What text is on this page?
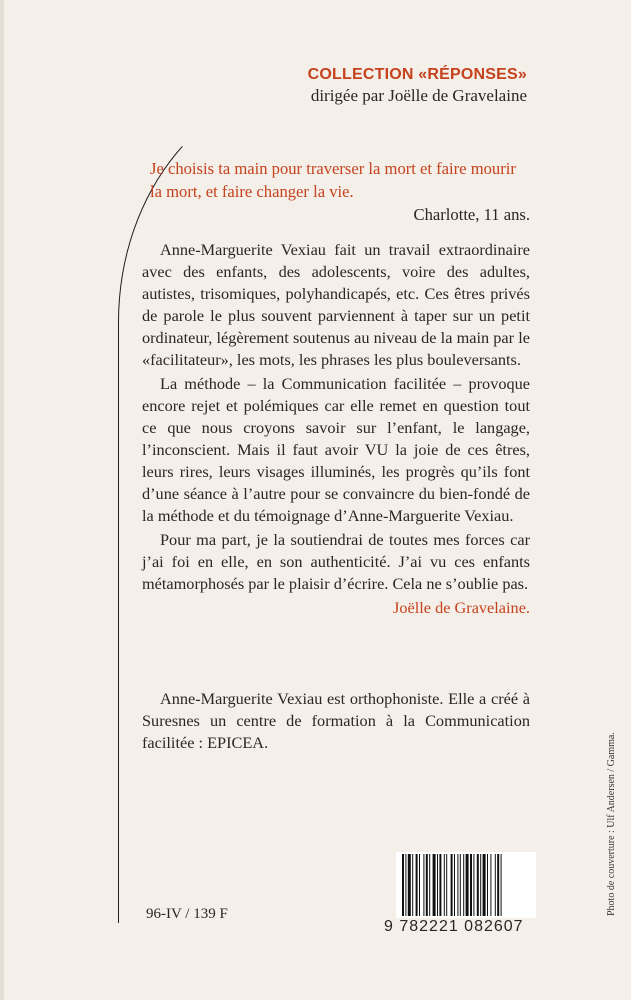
COLLECTION «RÉPONSES»
dirigée par Joëlle de Gravelaine
Je choisis ta main pour traverser la mort et faire mourir la mort, et faire changer la vie.
Charlotte, 11 ans.

Anne-Marguerite Vexiau fait un travail extraordinaire avec des enfants, des adolescents, voire des adultes, autistes, trisomiques, polyhandicapés, etc. Ces êtres privés de parole le plus souvent parviennent à taper sur un petit ordinateur, légèrement soutenus au niveau de la main par le «facilitateur», les mots, les phrases les plus bouleversants.

La méthode – la Communication facilitée – provoque encore rejet et polémiques car elle remet en question tout ce que nous croyons savoir sur l’enfant, le langage, l’inconscient. Mais il faut avoir VU la joie de ces êtres, leurs rires, leurs visages illuminés, les progrès qu’ils font d’une séance à l’autre pour se convaincre du bien-fondé de la méthode et du témoignage d’Anne-Marguerite Vexiau.

Pour ma part, je la soutiendrai de toutes mes forces car j’ai foi en elle, en son authenticité. J’ai vu ces enfants métamorphosés par le plaisir d’écrire. Cela ne s’oublie pas.

Joëlle de Gravelaine.

Anne-Marguerite Vexiau est orthophoniste. Elle a créé à Suresnes un centre de formation à la Communication facilitée : EPICEA.

96-IV / 139 F
9 782221 082607
Photo de couverture : Ulf Andersen / Gamma.
